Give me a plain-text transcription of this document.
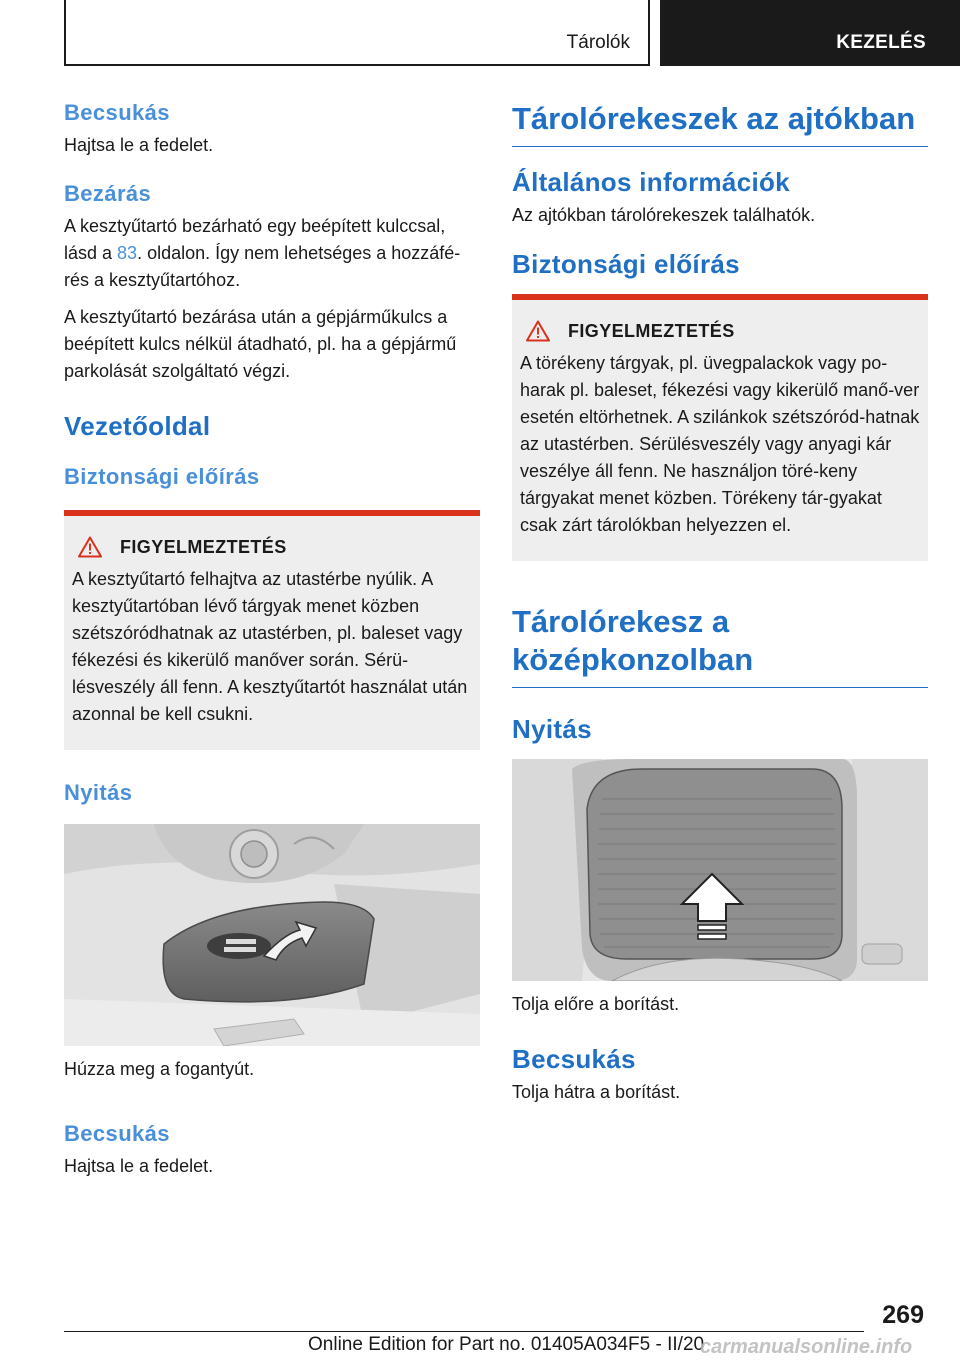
Tárolók	KEZELÉS
Becsukás
Hajtsa le a fedelet.
Bezárás
A kesztyűtartó bezárható egy beépített kulccsal, lásd a 83. oldalon. Így nem lehetséges a hozzáfé-rés a kesztyűtartóhoz.
A kesztyűtartó bezárása után a gépjárműkulcs a beépített kulcs nélkül átadható, pl. ha a gépjármű parkolását szolgáltató végzi.
Vezetőoldal
Biztonsági előírás
FIGYELMEZTETÉS
A kesztyűtartó felhajtva az utastérbe nyúlik. A kesztyűtartóban lévő tárgyak menet közben szétszóródhatnak az utastérben, pl. baleset vagy fékezési és kikerülő manőver során. Sérü-lésveszély áll fenn. A kesztyűtartót használat után azonnal be kell csukni.
Nyitás
Húzza meg a fogantyút.
Becsukás
Hajtsa le a fedelet.
Tárolórekeszek az ajtókban
Általános információk
Az ajtókban tárolórekeszek találhatók.
Biztonsági előírás
FIGYELMEZTETÉS
A törékeny tárgyak, pl. üvegpalackok vagy po-harak pl. baleset, fékezési vagy kikerülő manő-ver esetén eltörhetnek. A szilánkok szétszóród-hatnak az utastérben. Sérülésveszély vagy anyagi kár veszélye áll fenn. Ne használjon töré-keny tárgyakat menet közben. Törékeny tár-gyakat csak zárt tárolókban helyezzen el.
Tárolórekesz a középkonzolban
Nyitás
Tolja előre a borítást.
Becsukás
Tolja hátra a borítást.
269
Online Edition for Part no. 01405A034F5 - II/20
carmanualsonline.info
